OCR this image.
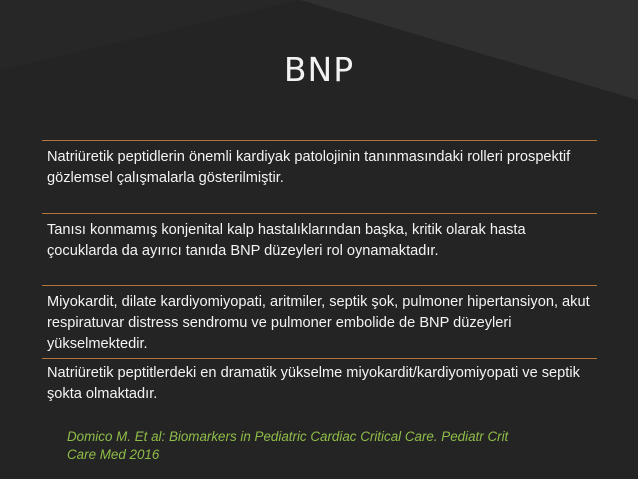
BNP
Natriüretik peptidlerin önemli kardiyak patolojinin tanınmasındaki rolleri prospektif gözlemsel çalışmalarla gösterilmiştir.
Tanısı konmamış konjenital kalp hastalıklarından başka, kritik olarak hasta çocuklarda da ayırıcı tanıda BNP düzeyleri rol oynamaktadır.
Miyokardit, dilate kardiyomiyopati, aritmiler, septik şok, pulmoner hipertansiyon, akut respiratuvar distress sendromu ve pulmoner embolide de BNP düzeyleri yükselmektedir.
Natriüretik peptitlerdeki en dramatik yükselme miyokardit/kardiyomiyopati ve septik şokta olmaktadır.
Domico M. Et al: Biomarkers in Pediatric Cardiac Critical Care. Pediatr Crit Care Med 2016
